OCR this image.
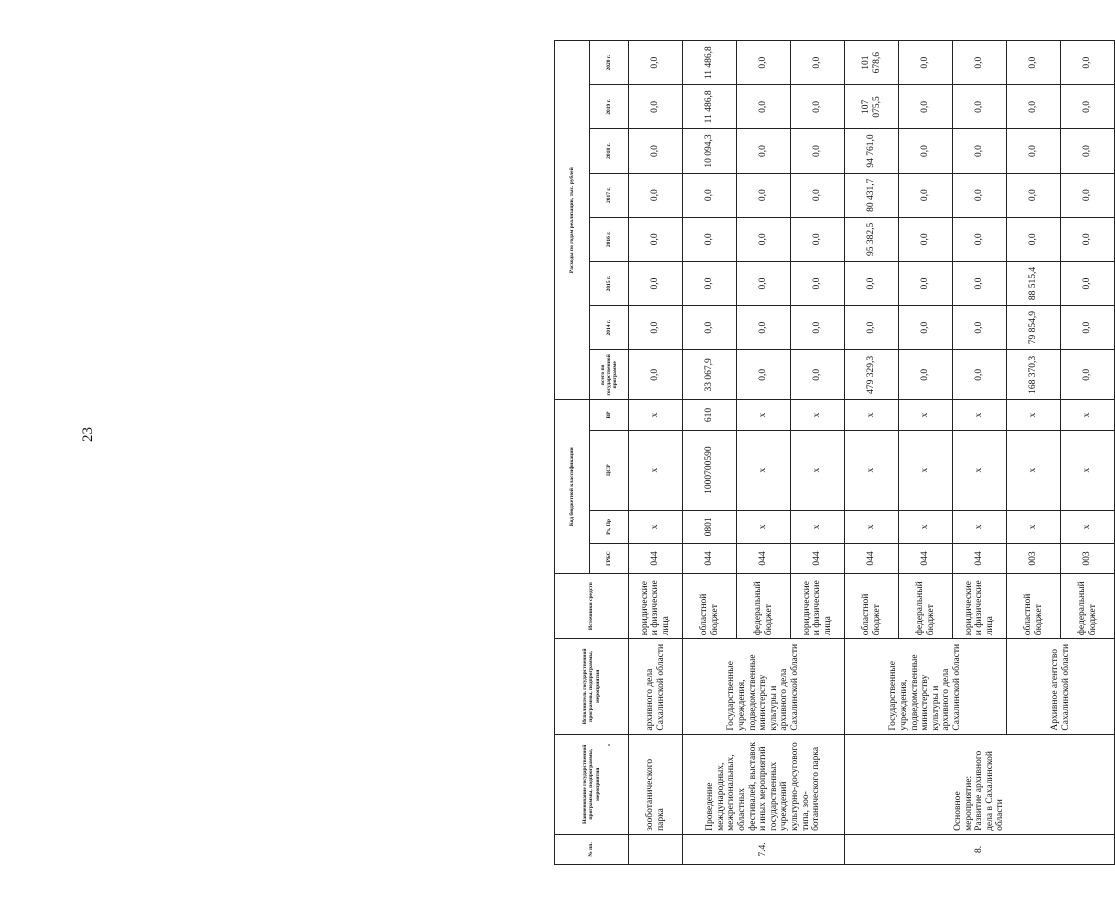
23
№ пп.	Наименование государственной программы, подпрограммы, мероприятия	Исполнитель государственной программы, подпрограммы, мероприятия	Источники средств	Код бюджетной классификации				Расходы по годам реализации, тыс. рублей							
				ГРБС	Рз, Пр	ЦСР	ВР	всего по государственной программе	2014 г.	2015 г.	2016 г.	2017 г.	2018 г.	2019 г.	2020 г.
	зооботанического парка	архивного дела Сахалинской области	юридические и физические лица	044	x	x	x	0,0	0,0	0,0	0,0	0,0	0,0	0,0	0,0
7.4.	Проведение международных, межрегиональных, областных фестивалей, выставок и иных мероприятий государственных учреждений культурно-досугового типа, зооботанического парка	Государственные учреждения, подведомственные министерству культуры и архивного дела Сахалинской области	областной бюджет	044	0801	1000700590	610	33 067,9	0,0	0,0	0,0	0,0	10 094,3	11 486,8	11 486,8
			федеральный бюджет	044	x	x	x	0,0	0,0	0,0	0,0	0,0	0,0	0,0	0,0
			юридические и физические лица	044	x	x	x	0,0	0,0	0,0	0,0	0,0	0,0	0,0	0,0
8.	Основное мероприятие: Развитие архивного дела в Сахалинской области	Государственные учреждения, подведомственные министерству культуры и архивного дела Сахалинской области	областной бюджет	044	x	x	x	479 329,3	0,0	0,0	95 382,5	80 431,7	94 761,0	107 075,5	101 678,6
			федеральный бюджет	044	x	x	x	0,0	0,0	0,0	0,0	0,0	0,0	0,0	0,0
			юридические и физические лица	044	x	x	x	0,0	0,0	0,0	0,0	0,0	0,0	0,0	0,0
		Архивное агентство Сахалинской области	областной бюджет	003	x	x	x	168 370,3	79 854,9	88 515,4	0,0	0,0	0,0	0,0	0,0
			федеральный бюджет	003	x	x	x	0,0	0,0	0,0	0,0	0,0	0,0	0,0	0,0
